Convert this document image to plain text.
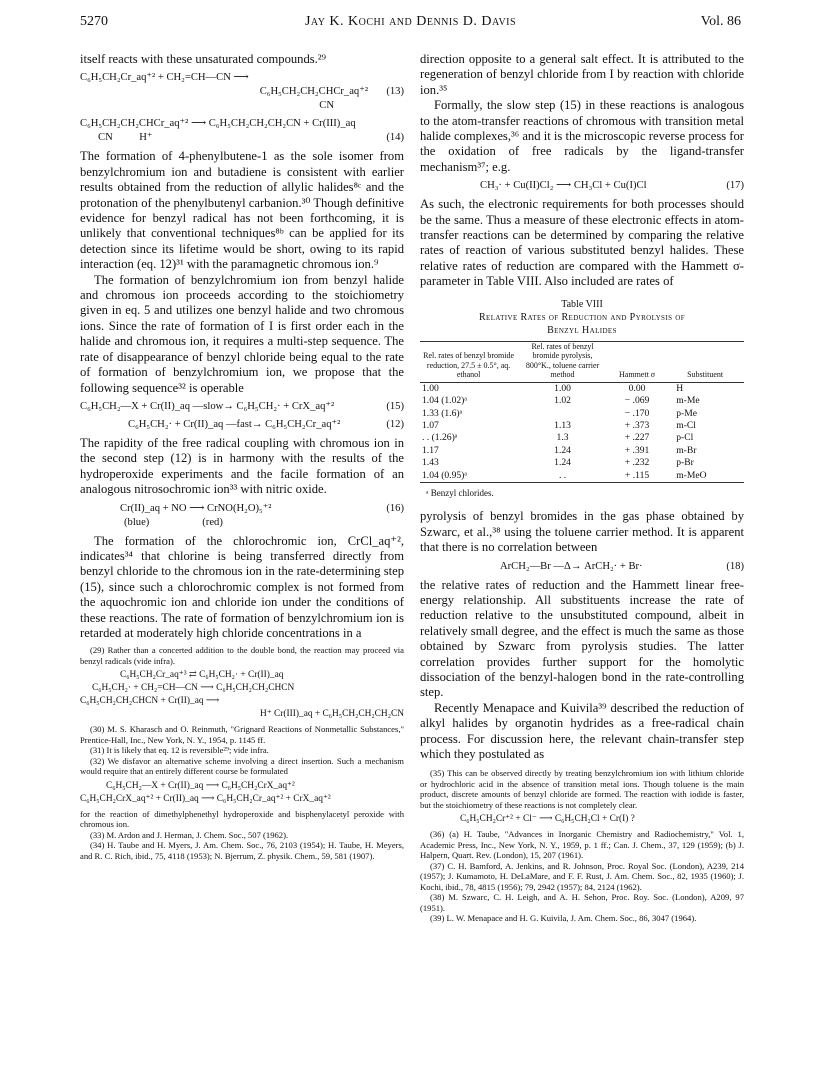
5270	Jay K. Kochi and Dennis D. Davis	Vol. 86

itself reacts with these unsaturated compounds.²⁹

C₆H₅CH₂Cr_aq⁺² + CH₂=CH—CN ⟶
C₆H₅CH₂CH₂CHCr_aq⁺²
CN
(13)
C₆H₅CH₂CH₂CHCr_aq⁺² ⟶ C₆H₅CH₂CH₂CH₂CN + Cr(III)_aq
CN          H⁺	(14)

The formation of 4-phenylbutene-1 as the sole isomer from benzylchromium ion and butadiene is consistent with earlier results obtained from the reduction of allylic halides⁸ᶜ and the protonation of the phenylbutenyl carbanion.³⁰ Though definitive evidence for benzyl radical has not been forthcoming, it is unlikely that conventional techniques⁸ᵇ can be applied for its detection since its lifetime would be short, owing to its rapid interaction (eq. 12)³¹ with the paramagnetic chromous ion.⁹

The formation of benzylchromium ion from benzyl halide and chromous ion proceeds according to the stoichiometry given in eq. 5 and utilizes one benzyl halide and two chromous ions. Since the rate of formation of I is first order each in the halide and chromous ion, it requires a multi-step sequence. The rate of disappearance of benzyl chloride being equal to the rate of formation of benzylchromium ion, we propose that the following sequence³² is operable

C₆H₅CH₂—X + Cr(II)_aq —slow→ C₆H₅CH₂· + CrX_aq⁺²	(15)
C₆H₅CH₂· + Cr(II)_aq —fast→ C₆H₅CH₂Cr_aq⁺²	(12)

The rapidity of the free radical coupling with chromous ion in the second step (12) is in harmony with the results of the hydroperoxide experiments and the facile formation of an analogous nitrosochromic ion³³ with nitric oxide.

Cr(II)_aq + NO ⟶ CrNO(H₂O)₅⁺²
(blue)                    (red)
(16)

The formation of the chlorochromic ion, CrCl_aq⁺², indicates³⁴ that chlorine is being transferred directly from benzyl chloride to the chromous ion in the rate-determining step (15), since such a chlorochromic complex is not formed from the aquochromic ion and chloride ion under the conditions of these reactions. The rate of formation of benzylchromium ion is retarded at moderately high chloride concentrations in a

(29) Rather than a concerted addition to the double bond, the reaction may proceed via benzyl radicals (vide infra).

C₆H₅CH₂Cr_aq⁺³ ⇄ C₆H₅CH₂· + Cr(II)_aq
C₆H₅CH₂· + CH₂=CH—CN ⟶ C₆H₅CH₂CH₂CHCN
C₆H₅CH₂CH₂CHCN + Cr(II)_aq ⟶
H⁺ Cr(III)_aq + C₆H₅CH₂CH₂CH₂CN

(30) M. S. Kharasch and O. Reinmuth, "Grignard Reactions of Nonmetallic Substances," Prentice-Hall, Inc., New York, N. Y., 1954, p. 1145 ff.

(31) It is likely that eq. 12 is reversible²⁹; vide infra.

(32) We disfavor an alternative scheme involving a direct insertion. Such a mechanism would require that an entirely different course be formulated

C₆H₅CH₂—X + Cr(II)_aq ⟶ C₆H₅CH₂CrX_aq⁺²
C₆H₅CH₂CrX_aq⁺² + Cr(II)_aq ⟶ C₆H₅CH₂Cr_aq⁺² + CrX_aq⁺²

for the reaction of dimethylphenethyl hydroperoxide and bisphenylacetyl peroxide with chromous ion.

(33) M. Ardon and J. Herman, J. Chem. Soc., 507 (1962).

(34) H. Taube and H. Myers, J. Am. Chem. Soc., 76, 2103 (1954); H. Taube, H. Meyers, and R. C. Rich, ibid., 75, 4118 (1953); N. Bjerrum, Z. physik. Chem., 59, 581 (1907).

direction opposite to a general salt effect. It is attributed to the regeneration of benzyl chloride from I by reaction with chloride ion.³⁵

Formally, the slow step (15) in these reactions is analogous to the atom-transfer reactions of chromous with transition metal halide complexes,³⁶ and it is the microscopic reverse process for the oxidation of free radicals by the ligand-transfer mechanism³⁷; e.g.

CH₃· + Cu(II)Cl₂ ⟶ CH₃Cl + Cu(I)Cl	(17)

As such, the electronic requirements for both processes should be the same. Thus a measure of these electronic effects in atom-transfer reactions can be determined by comparing the relative rates of reaction of various substituted benzyl halides. These relative rates of reduction are compared with the Hammett σ-parameter in Table VIII. Also included are rates of

Table VIII
Relative Rates of Reduction and Pyrolysis of
Benzyl Halides
Rel. rates of benzyl bromide reduction, 27.5 ± 0.5°, aq. ethanol	Rel. rates of benzyl bromide pyrolysis, 800°K., toluene carrier method	Hammett σ	Substituent
1.00	1.00	0.00	H
1.04 (1.02)ᵃ	1.02	− .069	m-Me
1.33 (1.6)ᵃ		− .170	p-Me
1.07	1.13	+ .373	m-Cl
. . (1.26)ᵃ	1.3	+ .227	p-Cl
1.17	1.24	+ .391	m-Br
1.43	1.24	+ .232	p-Br
1.04 (0.95)ᵃ	. .	+ .115	m-MeO
ᵃ Benzyl chlorides.

pyrolysis of benzyl bromides in the gas phase obtained by Szwarc, et al.,³⁸ using the toluene carrier method. It is apparent that there is no correlation between

ArCH₂—Br —Δ→ ArCH₂· + Br·	(18)

the relative rates of reduction and the Hammett linear free-energy relationship. All substituents increase the rate of reduction relative to the unsubstituted compound, albeit in relatively small degree, and the effect is much the same as those obtained by Szwarc from pyrolysis studies. The latter correlation provides further support for the homolytic dissociation of the benzyl-halogen bond in the rate-controlling step.

Recently Menapace and Kuivila³⁹ described the reduction of alkyl halides by organotin hydrides as a free-radical chain process. For discussion here, the relevant chain-transfer step which they postulated as

(35) This can be observed directly by treating benzylchromium ion with lithium chloride or hydrochloric acid in the absence of transition metal ions. Though toluene is the main product, discrete amounts of benzyl chloride are formed. The reaction with iodide is faster, but the stoichiometry of these reactions is not completely clear.

C₆H₅CH₂Cr⁺² + Cl⁻ ⟶ C₆H₅CH₂Cl + Cr(I) ?

(36) (a) H. Taube, "Advances in Inorganic Chemistry and Radiochemistry," Vol. 1, Academic Press, Inc., New York, N. Y., 1959, p. 1 ff.; Can. J. Chem., 37, 129 (1959); (b) J. Halpern, Quart. Rev. (London), 15, 207 (1961).

(37) C. H. Bamford, A. Jenkins, and R. Johnson, Proc. Royal Soc. (London), A239, 214 (1957); J. Kumamoto, H. DeLaMare, and F. F. Rust, J. Am. Chem. Soc., 82, 1935 (1960); J. Kochi, ibid., 78, 4815 (1956); 79, 2942 (1957); 84, 2124 (1962).

(38) M. Szwarc, C. H. Leigh, and A. H. Sehon, Proc. Roy. Soc. (London), A209, 97 (1951).

(39) L. W. Menapace and H. G. Kuivila, J. Am. Chem. Soc., 86, 3047 (1964).
